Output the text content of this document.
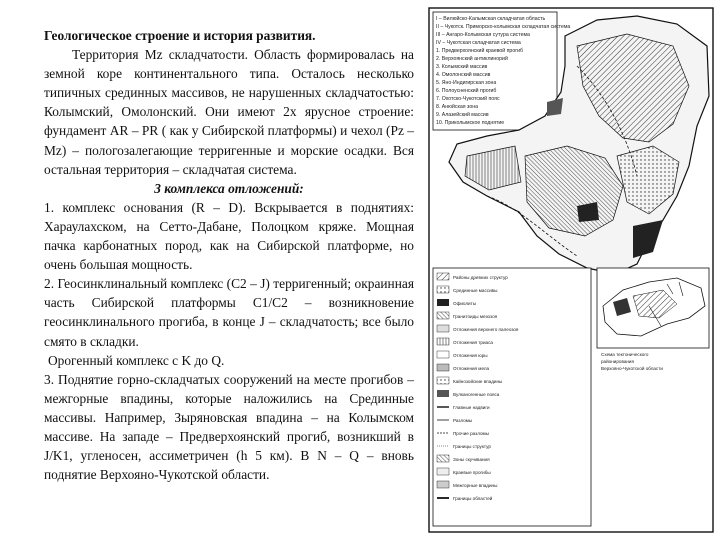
Геологическое строение и история развития.

Территория Mz складчатости. Область формировалась на земной коре континентального типа. Осталось несколько типичных срединных массивов, не нарушенных складчатостью: Колымский, Омолонский. Они имеют 2х ярусное строение: фундамент AR – PR ( как у Сибирской платформы) и чехол (Pz –Mz) – пологозалегающие терригенные и морские осадки. Вся остальная территория – складчатая система.

3 комплекса отложений:

1. комплекс основания (R – D). Вскрывается в поднятиях: Хараулахском, на Сетто-Дабане, Полоцком кряже. Мощная пачка карбонатных пород, как на Сибирской платформе, но очень большая мощность.

2. Геосинклинальный комплекс (C2 – J) терригенный; окраинная часть Сибирской платформы C1/C2 – возникновение геосинклинального прогиба, в конце J – складчатость; все было смято в складки.

Орогенный комплекс с K до Q.

3. Поднятие горно-складчатых сооружений на месте прогибов – межгорные впадины, которые наложились на Срединные массивы. Например, Зыряновская впадина – на Колымском массиве. На западе – Предверхоянский прогиб, возникший в J/K1, угленосен, ассиметричен (h 5 км). В N – Q – вновь поднятие Верхояно-Чукотской области.

I – Вилюйско-Калымская складчатая область
II – Чукотск. Приморско-колымская складчатая система
III – Ангаро-Колымская сутура система
IV – Чукотская складчатая система
1. Предверхоянский краевой прогиб
2. Верхоянский антиклинорий
3. Колымский массив
4. Омолонский массив
5. Яно-Индигирская зона
6. Полоусненский прогиб
7. Охотско-Чукотский пояс
8. Анюйская зона
9. Алазейский массив
10. Приколымское поднятие
Районы древних структур
Срединные массивы
Офиолиты
Гранитоиды мезозоя
Отложения верхнего палеозоя
Отложения триаса
Отложения юры
Отложения мела
Кайнозойские впадины
Вулканогенные пояса
Главные надвиги
Разломы
Прочие разломы
Границы структур
Зоны скучивания
Краевые прогибы
Межгорные впадины
Границы областей
Схема тектонического
районирования
Верхояно-Чукотской области
